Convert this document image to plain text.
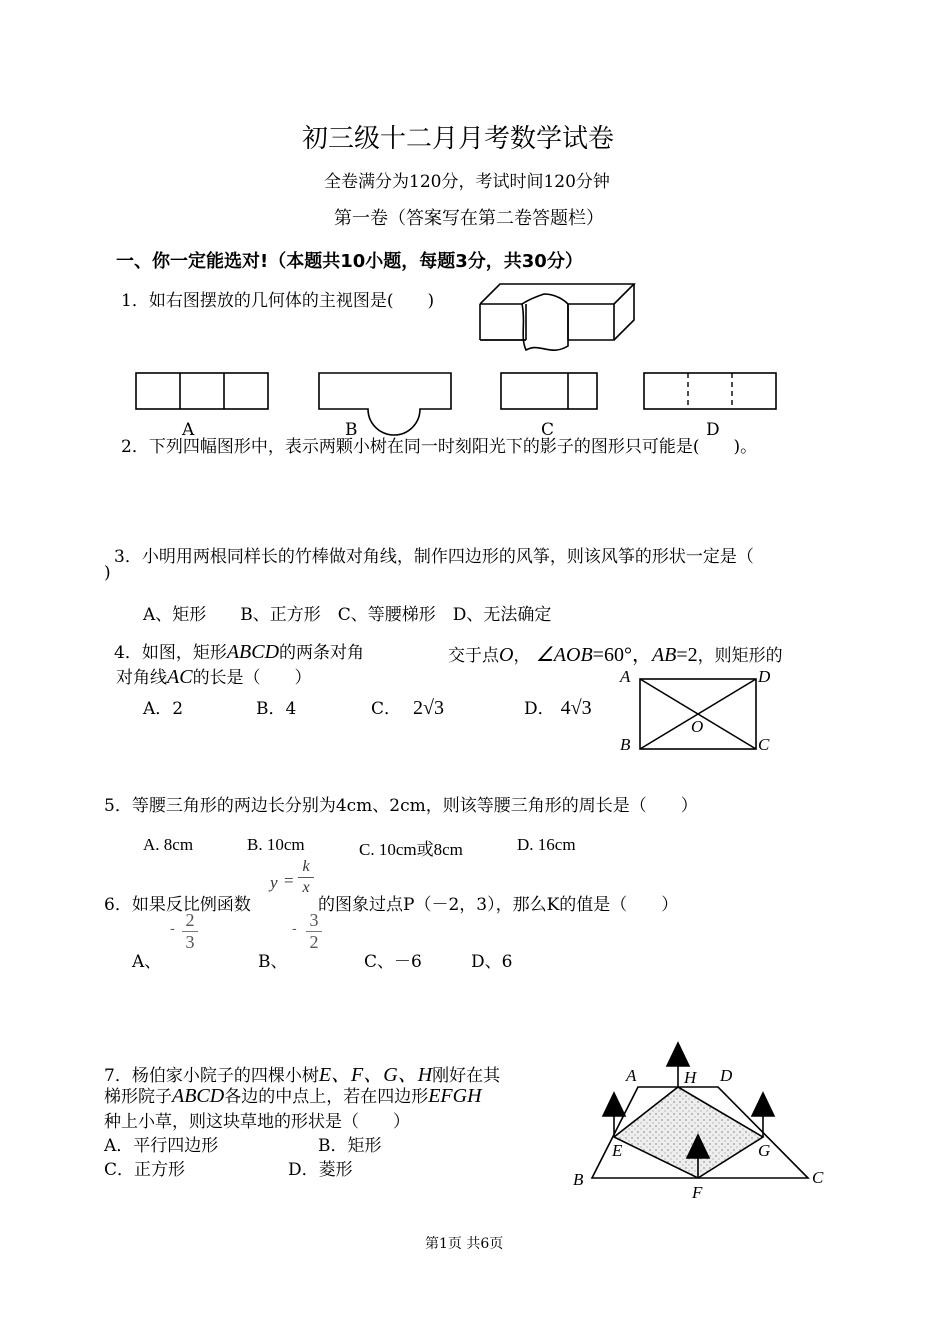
初三级十二月月考数学试卷
全卷满分为120分，考试时间120分钟
第一卷（答案写在第二卷答题栏）
一、你一定能选对!（本题共10小题，每题3分，共30分）
1．如右图摆放的几何体的主视图是(　　)
A	B	C	D
2．下列四幅图形中，表示两颗小树在同一时刻阳光下的影子的图形只可能是(　　)。
3．小明用两根同样长的竹棒做对角线，制作四边形的风筝，则该风筝的形状一定是（
)
A、矩形　　B、正方形　C、等腰梯形　D、无法确定
4．如图，矩形ABCD的两条对角	交于点O， ∠AOB=60°，AB=2，则矩形的
对角线AC的长是（　　）
A．2	B．4	C． 2√3	D． 4√3
A	D
B	C
O
5．等腰三角形的两边长分别为4cm、2cm，则该等腰三角形的周长是（　　）
A. 8cm	B. 10cm	C. 10cm或8cm	D. 16cm
6．如果反比例函数
y =
k
x
的图象过点P（－2，3），那么K的值是（　　）
A、
- 2
3
B、
- 3
2
C、－6	D、6
7．杨伯家小院子的四棵小树E、F、G、H刚好在其
梯形院子ABCD各边的中点上，若在四边形EFGH
种上小草，则这块草地的形状是（　　）
A．平行四边形	B．矩形
C．正方形	D．菱形
A	H D
E	G
B
F
C
第1页 共6页
